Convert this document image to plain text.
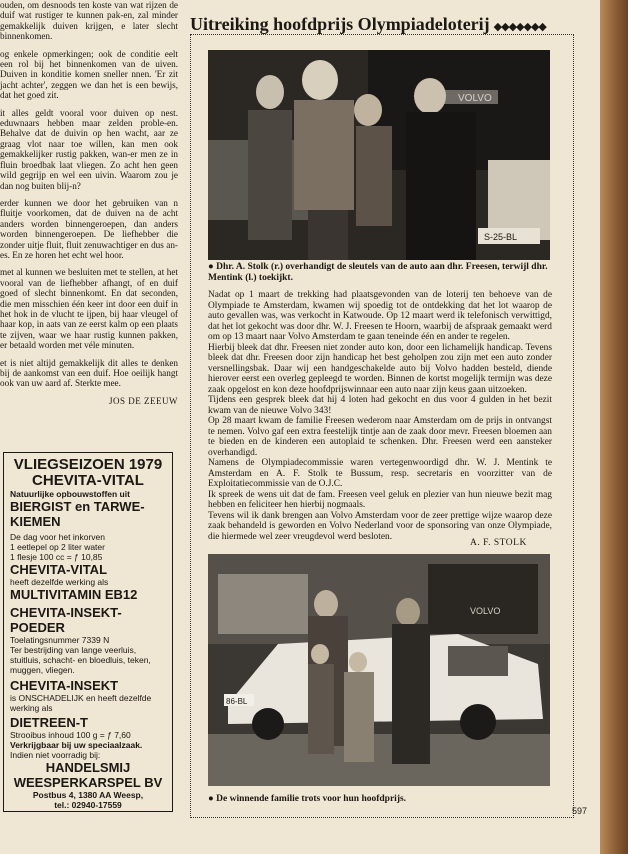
ouden, om desnoods ten koste van wat rijzen de duif wat rustiger te kunnen pak-en, zal minder gemakkelijk duiven krijgen, e later slecht binnenkomen.

og enkele opmerkingen; ook de conditie eelt een rol bij het binnenkomen van de uiven. Duiven in konditie komen sneller nnen. 'Er zit jacht achter', zeggen we dan het is een bewijs, dat het goed zit.

it alles geldt vooral voor duiven op nest. eduwnaars hebben maar zelden proble-en. Behalve dat de duivin op hen wacht, aar ze graag vlot naar toe willen, kan men ook gemakkelijker rustig pakken, wan-er men ze in fluin broedbak laat vliegen. Zo acht hen geen wild gegrijp en wel een uivin. Waarom zou je dan nog buiten blij-n?

erder kunnen we door het gebruiken van n fluitje voorkomen, dat de duiven na de acht anders worden binnengeroepen, dan anders worden binnengeroepen. De liefhebber die zonder uitje fluit, fluit zenuwachtiger en dus an-es. En ze horen het echt wel hoor.

met al kunnen we besluiten met te stellen, at het vooral van de liefhebber afhangt, of en duif goed of slecht binnenkomt. En dat seconden, die men misschien één keer int door een duif in het hok in de vlucht te ijpen, bij haar vleugel of haar kop, in aats van ze eerst kalm op een plaats te zijven, waar we haar rustig kunnen pakken, er betaald worden met véle minuten.

et is niet altijd gemakkelijk dit alles te denken bij de aankomst van een duif. Hoe oeilijk hangt ook van uw aard af. Sterkte mee.

JOS DE ZEEUW
VLIEGSEIZOEN 1979
CHEVITA-VITAL
Natuurlijke opbouwstoffen uit
BIERGIST en TARWE-KIEMEN
De dag voor het inkorven
1 eetlepel op 2 liter water
1 flesje 100 cc = ƒ 10,85
CHEVITA-VITAL
heeft dezelfde werking als
MULTIVITAMIN EB12
CHEVITA-INSEKT-POEDER
Toelatingsnummer 7339 N
Ter bestrijding van lange veerluis, stuitluis, schacht- en bloedluis, teken, muggen, vliegen.
CHEVITA-INSEKT
is ONSCHADELIJK en heeft dezelfde werking als
DIETREEN-T
Strooibus inhoud 100 g = ƒ 7,60
Verkrijgbaar bij uw speciaalzaak.
Indien niet voorradig bij:
HANDELSMIJ
WEESPERKARSPEL BV
Postbus 4, 1380 AA Weesp,
tel.: 02940-17559
Uitreiking hoofdprijs Olympiadeloterij ◆◆◆◆◆◆◆
VOLVO
S-25-BL
● Dhr. A. Stolk (r.) overhandigt de sleutels van de auto aan dhr. Freesen, terwijl dhr. Mentink (l.) toekijkt.

Nadat op 1 maart de trekking had plaatsgevonden van de loterij ten behoeve van de Olympiade te Amsterdam, kwamen wij spoedig tot de ontdekking dat het lot waarop de auto gevallen was, was verkocht in Katwoude. Op 12 maart werd ik telefonisch verwittigd, dat het lot gekocht was door dhr. W. J. Freesen te Hoorn, waarbij de afspraak gemaakt werd om op 13 maart naar Volvo Amsterdam te gaan teneinde één en ander te regelen.

Hierbij bleek dat dhr. Freesen niet zonder auto kon, door een lichamelijk handicap. Tevens bleek dat dhr. Freesen door zijn handicap het best geholpen zou zijn met een auto zonder versnellingsbak. Daar wij een handgeschakelde auto bij Volvo hadden besteld, diende hierover eerst een overleg gepleegd te worden. Binnen de kortst mogelijk termijn was deze zaak opgelost en kon deze hoofdprijswinnaar een auto naar zijn keus gaan uitzoeken.

Tijdens een gesprek bleek dat hij 4 loten had gekocht en dus voor 4 gulden in het bezit kwam van de nieuwe Volvo 343!

Op 28 maart kwam de familie Freesen wederom naar Amsterdam om de prijs in ontvangst te nemen. Volvo gaf een extra feestelijk tintje aan de zaak door mevr. Freesen bloemen aan te bieden en de kinderen een autoplaid te schenken. Dhr. Freesen werd een aansteker overhandigd.

Namens de Olympiadecommissie waren vertegenwoordigd dhr. W. J. Mentink te Amsterdam en A. F. Stolk te Bussum, resp. secretaris en voorzitter van de Exploitatiecommissie van de O.J.C.

Ik spreek de wens uit dat de fam. Freesen veel geluk en plezier van hun nieuwe bezit mag hebben en feliciteer hen hierbij nogmaals.

Tevens wil ik dank brengen aan Volvo Amsterdam voor de zeer prettige wijze waarop deze zaak behandeld is geworden en Volvo Nederland voor de sponsoring van onze Olympiade, die hiermede wel zeer vreugdevol werd besloten.

A. F. STOLK
VOLVO
86-BL
● De winnende familie trots voor hun hoofdprijs.
597
